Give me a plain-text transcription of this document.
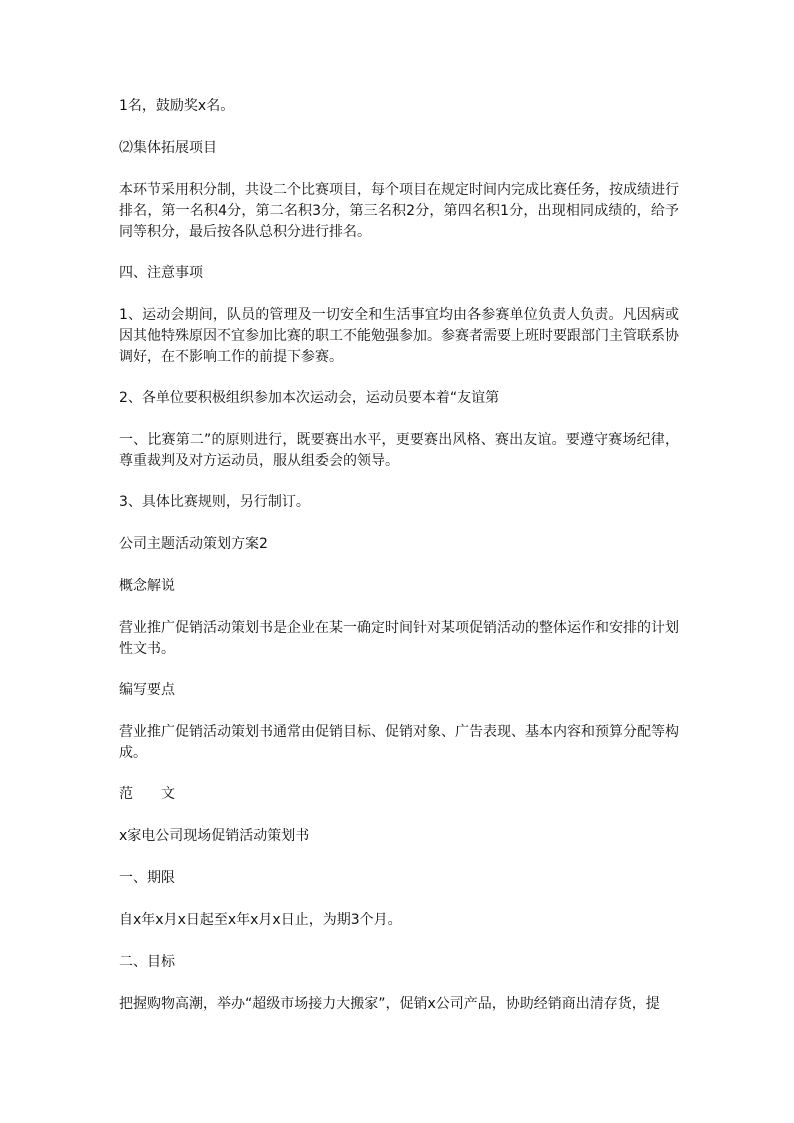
1名，鼓励奖x名。

⑵集体拓展项目

本环节采用积分制，共设二个比赛项目，每个项目在规定时间内完成比赛任务，按成绩进行排名，第一名积4分，第二名积3分，第三名积2分，第四名积1分，出现相同成绩的，给予同等积分，最后按各队总积分进行排名。

四、注意事项

1、运动会期间，队员的管理及一切安全和生活事宜均由各参赛单位负责人负责。凡因病或因其他特殊原因不宜参加比赛的职工不能勉强参加。参赛者需要上班时要跟部门主管联系协调好，在不影响工作的前提下参赛。

2、各单位要积极组织参加本次运动会，运动员要本着“友谊第

一、比赛第二”的原则进行，既要赛出水平，更要赛出风格、赛出友谊。要遵守赛场纪律，尊重裁判及对方运动员，服从组委会的领导。

3、具体比赛规则，另行制订。

公司主题活动策划方案2

概念解说

营业推广促销活动策划书是企业在某一确定时间针对某项促销活动的整体运作和安排的计划性文书。

编写要点

营业推广促销活动策划书通常由促销目标、促销对象、广告表现、基本内容和预算分配等构成。

范　　文

x家电公司现场促销活动策划书

一、期限

自x年x月x日起至x年x月x日止，为期3个月。

二、目标

把握购物高潮，举办“超级市场接力大搬家”，促销x公司产品，协助经销商出清存货，提
